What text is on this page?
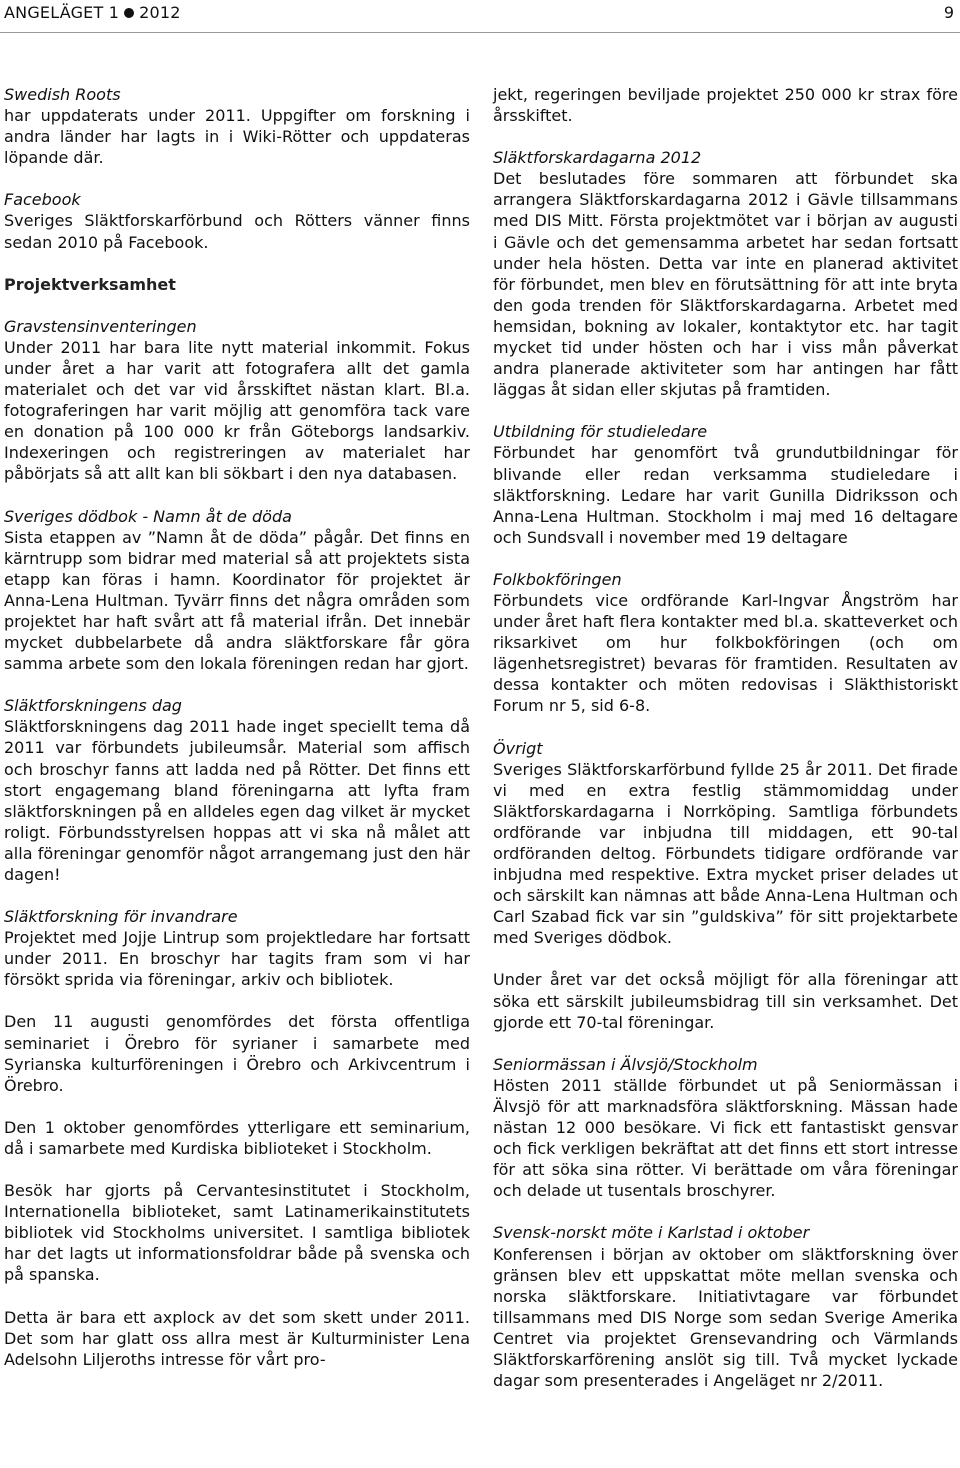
ANGELÄGET 1 2012	9
Swedish Roots

har uppdaterats under 2011. Uppgifter om forskning i andra länder har lagts in i Wiki-Rötter och uppdateras löpande där.

Facebook

Sveriges Släktforskarförbund och Rötters vänner finns sedan 2010 på Facebook.

Projektverksamhet
Gravstensinventeringen

Under 2011 har bara lite nytt material inkommit. Fokus under året a har varit att fotografera allt det gamla materialet och det var vid årsskiftet nästan klart. Bl.a. fotograferingen har varit möjlig att genomföra tack vare en donation på 100 000 kr från Göteborgs landsarkiv. Indexeringen och registreringen av materialet har påbörjats så att allt kan bli sökbart i den nya databasen.

Sveriges dödbok - Namn åt de döda

Sista etappen av ”Namn åt de döda” pågår. Det finns en kärntrupp som bidrar med material så att projektets sista etapp kan föras i hamn. Koordinator för projektet är Anna-Lena Hultman. Tyvärr finns det några områden som projektet har haft svårt att få material ifrån. Det innebär mycket dubbelarbete då andra släktforskare får göra samma arbete som den lokala föreningen redan har gjort.

Släktforskningens dag

Släktforskningens dag 2011 hade inget speciellt tema då 2011 var förbundets jubileumsår. Material som affisch och broschyr fanns att ladda ned på Rötter. Det finns ett stort engagemang bland föreningarna att lyfta fram släktforskningen på en alldeles egen dag vilket är mycket roligt. Förbundsstyrelsen hoppas att vi ska nå målet att alla föreningar genomför något arrangemang just den här dagen!

Släktforskning för invandrare

Projektet med Jojje Lintrup som projektledare har fortsatt under 2011. En broschyr har tagits fram som vi har försökt sprida via föreningar, arkiv och bibliotek.

Den 11 augusti genomfördes det första offentliga seminariet i Örebro för syrianer i samarbete med Syrianska kulturföreningen i Örebro och Arkivcentrum i Örebro.

Den 1 oktober genomfördes ytterligare ett seminarium, då i samarbete med Kurdiska biblioteket i Stockholm.

Besök har gjorts på Cervantesinstitutet i Stockholm, Internationella biblioteket, samt Latinamerikainstitutets bibliotek vid Stockholms universitet. I samtliga bibliotek har det lagts ut informationsfoldrar både på svenska och på spanska.

Detta är bara ett axplock av det som skett under 2011. Det som har glatt oss allra mest är Kulturminister Lena Adelsohn Liljeroths intresse för vårt pro-

jekt, regeringen beviljade projektet 250 000 kr strax före årsskiftet.

Släktforskardagarna 2012

Det beslutades före sommaren att förbundet ska arrangera Släktforskardagarna 2012 i Gävle tillsammans med DIS Mitt. Första projektmötet var i början av augusti i Gävle och det gemensamma arbetet har sedan fortsatt under hela hösten. Detta var inte en planerad aktivitet för förbundet, men blev en förutsättning för att inte bryta den goda trenden för Släktforskardagarna. Arbetet med hemsidan, bokning av lokaler, kontaktytor etc. har tagit mycket tid under hösten och har i viss mån påverkat andra planerade aktiviteter som har antingen har fått läggas åt sidan eller skjutas på framtiden.

Utbildning för studieledare

Förbundet har genomfört två grundutbildningar för blivande eller redan verksamma studieledare i släktforskning. Ledare har varit Gunilla Didriksson och Anna-Lena Hultman. Stockholm i maj med 16 deltagare och Sundsvall i november med 19 deltagare

Folkbokföringen

Förbundets vice ordförande Karl-Ingvar Ångström har under året haft flera kontakter med bl.a. skatteverket och riksarkivet om hur folkbokföringen (och om lägenhetsregistret) bevaras för framtiden. Resultaten av dessa kontakter och möten redovisas i Släkthistoriskt Forum nr 5, sid 6-8.

Övrigt

Sveriges Släktforskarförbund fyllde 25 år 2011. Det firade vi med en extra festlig stämmomiddag under Släktforskardagarna i Norrköping. Samtliga förbundets ordförande var inbjudna till middagen, ett 90-tal ordföranden deltog. Förbundets tidigare ordförande var inbjudna med respektive. Extra mycket priser delades ut och särskilt kan nämnas att både Anna-Lena Hultman och Carl Szabad fick var sin ”guldskiva” för sitt projektarbete med Sveriges dödbok.

Under året var det också möjligt för alla föreningar att söka ett särskilt jubileumsbidrag till sin verksamhet. Det gjorde ett 70-tal föreningar.

Seniormässan i Älvsjö/Stockholm

Hösten 2011 ställde förbundet ut på Seniormässan i Älvsjö för att marknadsföra släktforskning. Mässan hade nästan 12 000 besökare. Vi fick ett fantastiskt gensvar och fick verkligen bekräftat att det finns ett stort intresse för att söka sina rötter. Vi berättade om våra föreningar och delade ut tusentals broschyrer.

Svensk-norskt möte i Karlstad i oktober

Konferensen i början av oktober om släktforskning över gränsen blev ett uppskattat möte mellan svenska och norska släktforskare. Initiativtagare var förbundet tillsammans med DIS Norge som sedan Sverige Amerika Centret via projektet Grensevandring och Värmlands Släktforskarförening anslöt sig till. Två mycket lyckade dagar som presenterades i Angeläget nr 2/2011.
